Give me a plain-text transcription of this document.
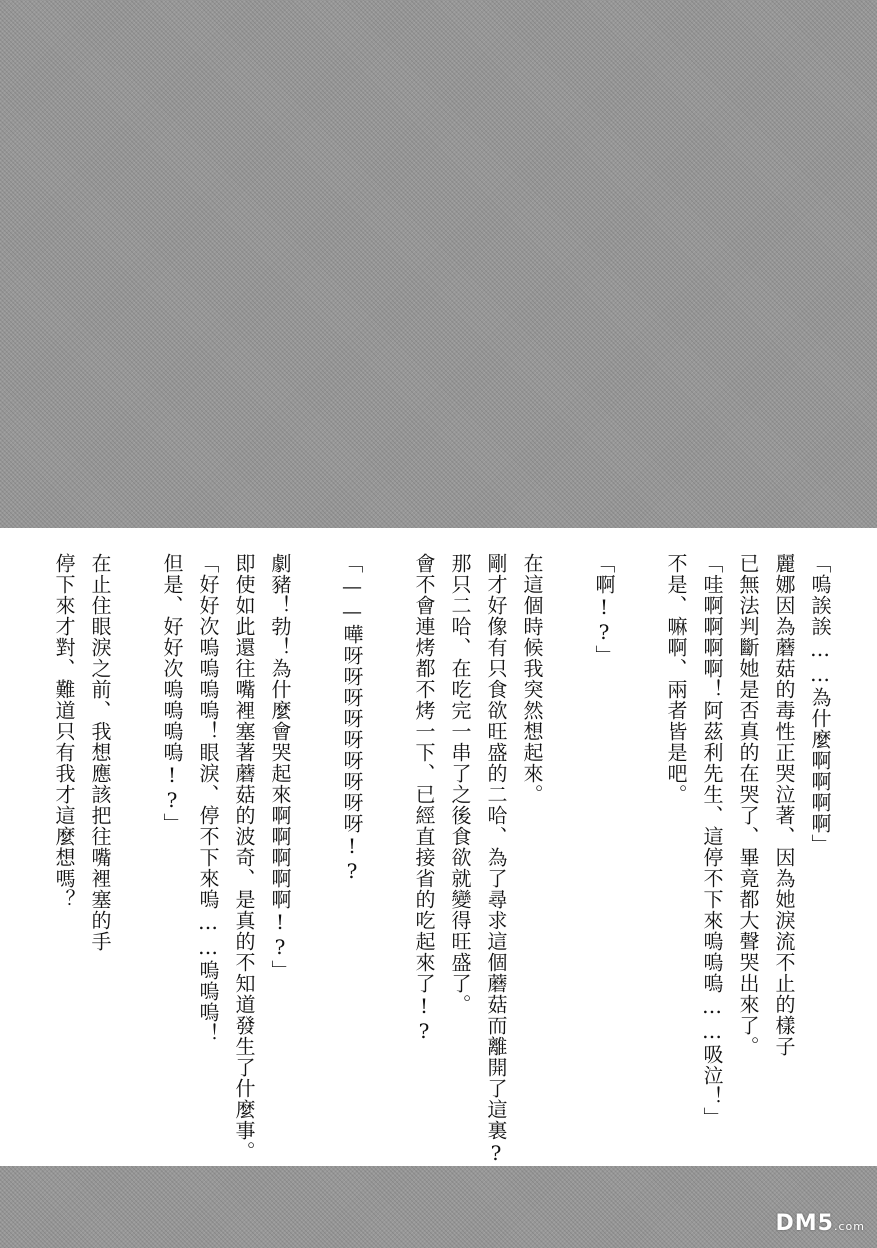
「嗚誒誒……為什麼啊啊啊啊」
麗娜因為蘑菇的毒性正哭泣著、因為她淚流不止的樣子
已無法判斷她是否真的在哭了、畢竟都大聲哭出來了。
「哇啊啊啊啊！阿茲利先生、這停不下來嗚嗚嗚……吸泣！」
不是、嘛啊、兩者皆是吧。
「啊!?」
在這個時候我突然想起來。
剛才好像有只食欲旺盛的二哈、為了尋求這個蘑菇而離開了這裏?
那只二哈、在吃完一串了之後食欲就變得旺盛了。
會不會連烤都不烤一下、已經直接省的吃起來了!?
「——嘩呀呀呀呀呀呀呀呀呀!?
劇豬！勃！為什麼會哭起來啊啊啊啊啊!?」
即使如此還往嘴裡塞著蘑菇的波奇、是真的不知道發生了什麼事。
「好好次嗚嗚嗚嗚！眼淚、停不下來嗚……嗚嗚嗚！
但是、好好次嗚嗚嗚嗚!?」
在止住眼淚之前、我想應該把往嘴裡塞的手
停下來才對、難道只有我才這麼想嗎？
DM5.com
